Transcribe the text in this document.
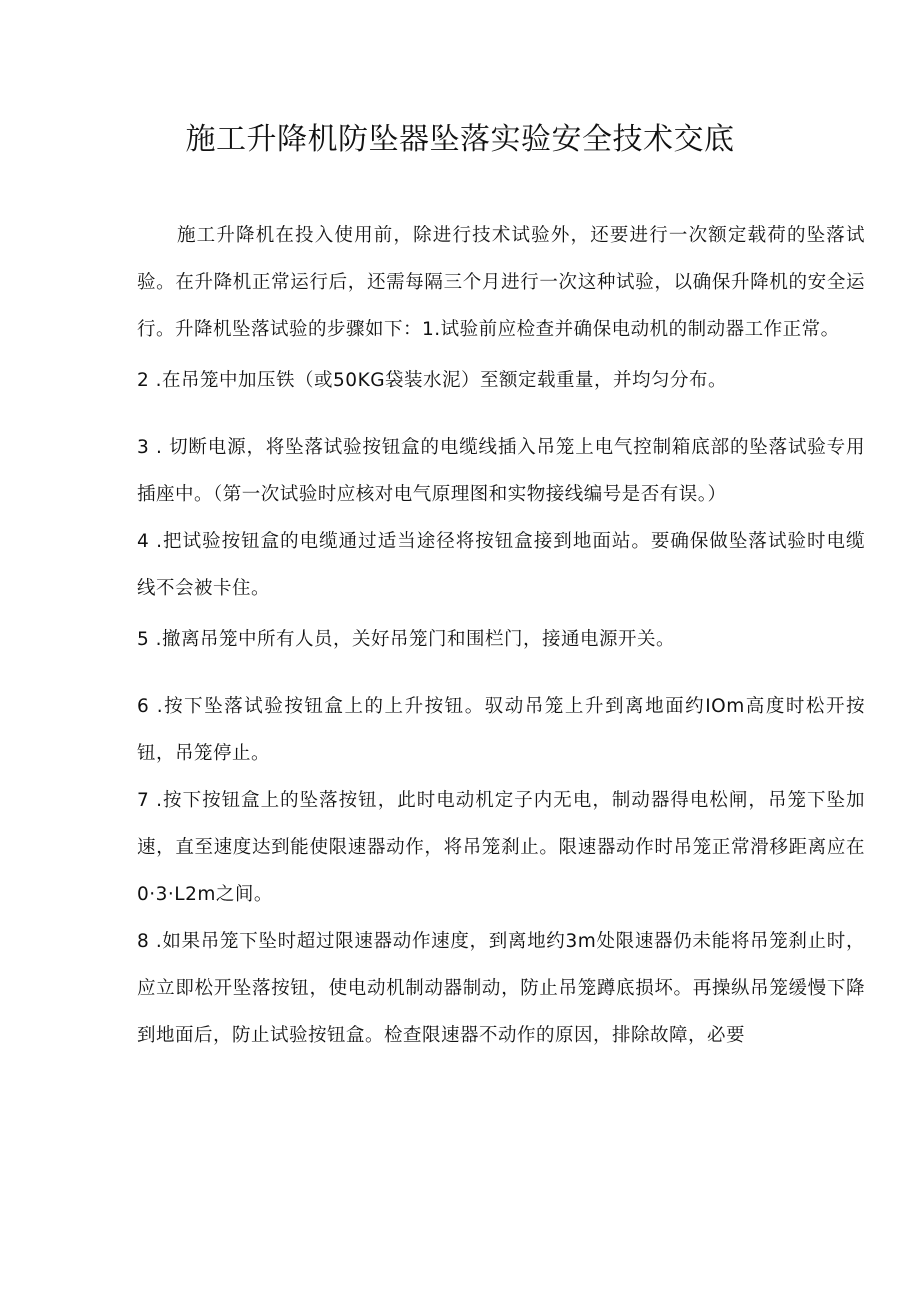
施工升降机防坠器坠落实验安全技术交底

施工升降机在投入使用前，除进行技术试验外，还要进行一次额定载荷的坠落试验。在升降机正常运行后，还需每隔三个月进行一次这种试验，以确保升降机的安全运行。升降机坠落试验的步骤如下：1.试验前应检查并确保电动机的制动器工作正常。

2 .在吊笼中加压铁（或50KG袋装水泥）至额定载重量，并均匀分布。

3 . 切断电源，将坠落试验按钮盒的电缆线插入吊笼上电气控制箱底部的坠落试验专用插座中。（第一次试验时应核对电气原理图和实物接线编号是否有误。）

4 .把试验按钮盒的电缆通过适当途径将按钮盒接到地面站。要确保做坠落试验时电缆线不会被卡住。

5 .撤离吊笼中所有人员，关好吊笼门和围栏门，接通电源开关。

6 .按下坠落试验按钮盒上的上升按钮。驭动吊笼上升到离地面约IOm高度时松开按钮，吊笼停止。

7 .按下按钮盒上的坠落按钮，此时电动机定子内无电，制动器得电松闸，吊笼下坠加速，直至速度达到能使限速器动作，将吊笼刹止。限速器动作时吊笼正常滑移距离应在0·3·L2m之间。

8 .如果吊笼下坠时超过限速器动作速度，到离地约3m处限速器仍未能将吊笼刹止时，应立即松开坠落按钮，使电动机制动器制动，防止吊笼蹲底损坏。再操纵吊笼缓慢下降到地面后，防止试验按钮盒。检查限速器不动作的原因，排除故障，必要
